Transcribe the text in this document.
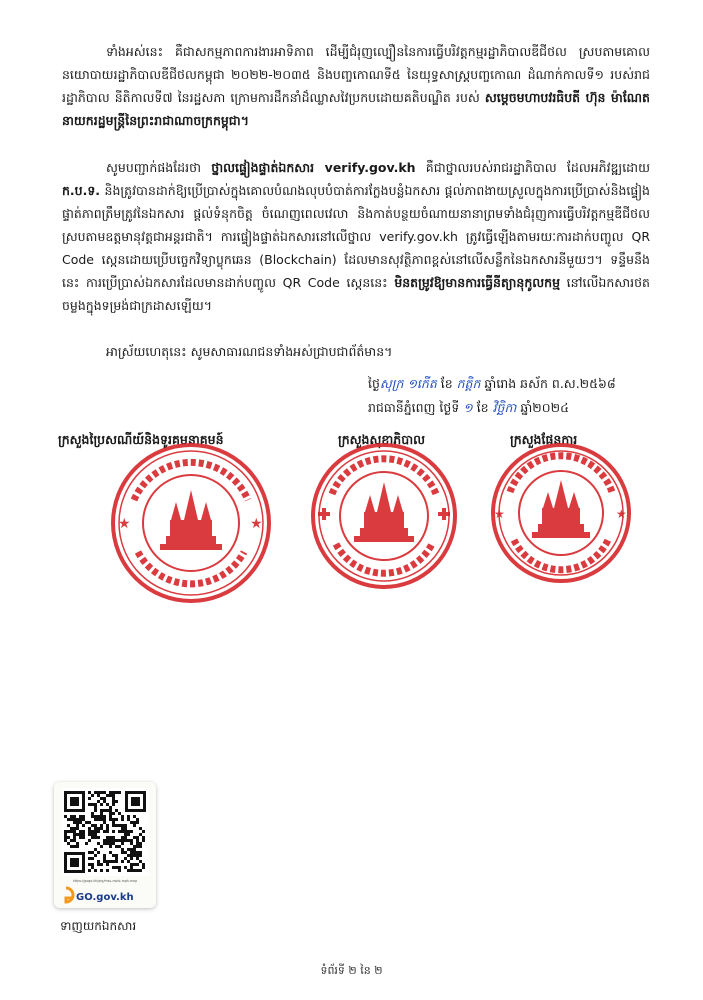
ទាំងអស់នេះ គឺជាសកម្មភាពការងារអាទិភាព ដើម្បីជំរុញល្បឿននៃការធ្វើបរិវត្តកម្មរដ្ឋាភិបាលឌីជីថល ស្របតាមគោលនយោបាយរដ្ឋាភិបាលឌីជីថលកម្ពុជា ២០២២-២០៣៥ និងបញ្ចកោណទី៥ នៃយុទ្ធសាស្ត្របញ្ចកោណ ដំណាក់កាលទី១ របស់រាជរដ្ឋាភិបាល នីតិកាលទី៧ នៃរដ្ឋសភា ក្រោមការដឹកនាំដ៏ឈ្លាសវៃប្រកបដោយគតិបណ្ឌិត របស់ សម្តេចមហាបវរធិបតី ហ៊ុន ម៉ាណែត នាយករដ្ឋមន្ត្រីនៃព្រះរាជាណាចក្រកម្ពុជា។
សូមបញ្ជាក់ផងដែរថា ថ្នាលផ្ទៀងផ្ទាត់ឯកសារ verify.gov.kh គឺជាថ្នាលរបស់រាជរដ្ឋាភិបាល ដែលអភិវឌ្ឍដោយ ក.ប.ទ. និងត្រូវបានដាក់ឱ្យប្រើប្រាស់ក្នុងគោលបំណងលុបបំបាត់ការក្លែងបន្លំឯកសារ ផ្តល់ភាពងាយស្រួលក្នុងការប្រើប្រាស់និងផ្ទៀងផ្ទាត់ភាពត្រឹមត្រូវនៃឯកសារ ផ្តល់ទំនុកចិត្ត ចំណេញពេលវេលា និងកាត់បន្ថយចំណាយនានាព្រមទាំងជំរុញការធ្វើបរិវត្តកម្មឌីជីថល ស្របតាមឧត្តមានុវត្តជាអន្តរជាតិ។ ការផ្ទៀងផ្ទាត់ឯកសារនៅលើថ្នាល verify.gov.kh ត្រូវធ្វើឡើងតាមរយៈការដាក់បញ្ចូល QR Code ស្កេនដោយប្រើបច្ចេកវិទ្យាប្លុកឆេន (Blockchain) ដែលមានសុវត្ថិភាពខ្ពស់នៅលើសន្លឹកនៃឯកសារនីមួយៗ។ ទន្ទឹមនឹងនេះ ការប្រើប្រាស់ឯកសារដែលមានដាក់បញ្ចូល QR Code ស្កេននេះ មិនតម្រូវឱ្យមានការធ្វើនីត្យានុកូលកម្ម នៅលើឯកសារថតចម្លងក្នុងទម្រង់ជាក្រដាសឡើយ។
អាស្រ័យហេតុនេះ សូមសាធារណជនទាំងអស់ជ្រាបជាព័ត៌មាន។
ថ្ងៃសុក្រ ១កើត ខែ កត្តិក ឆ្នាំរោង ឆស័ក ព.ស.២៥៦៨
រាជធានីភ្នំពេញ ថ្ងៃទី ១ ខែ វិច្ឆិកា ឆ្នាំ២០២៤
ក្រសួងប្រៃសណីយ៍និងទូរគមនាគមន៍	ក្រសួងសុខាភិបាល	ក្រសួងផែនការ
★	★
★	★
https://gogo.kh/qrg/msu-mptc-mph-mop
GO.gov.kh
ទាញយកឯកសារ
ទំព័រទី ២ នៃ ២
